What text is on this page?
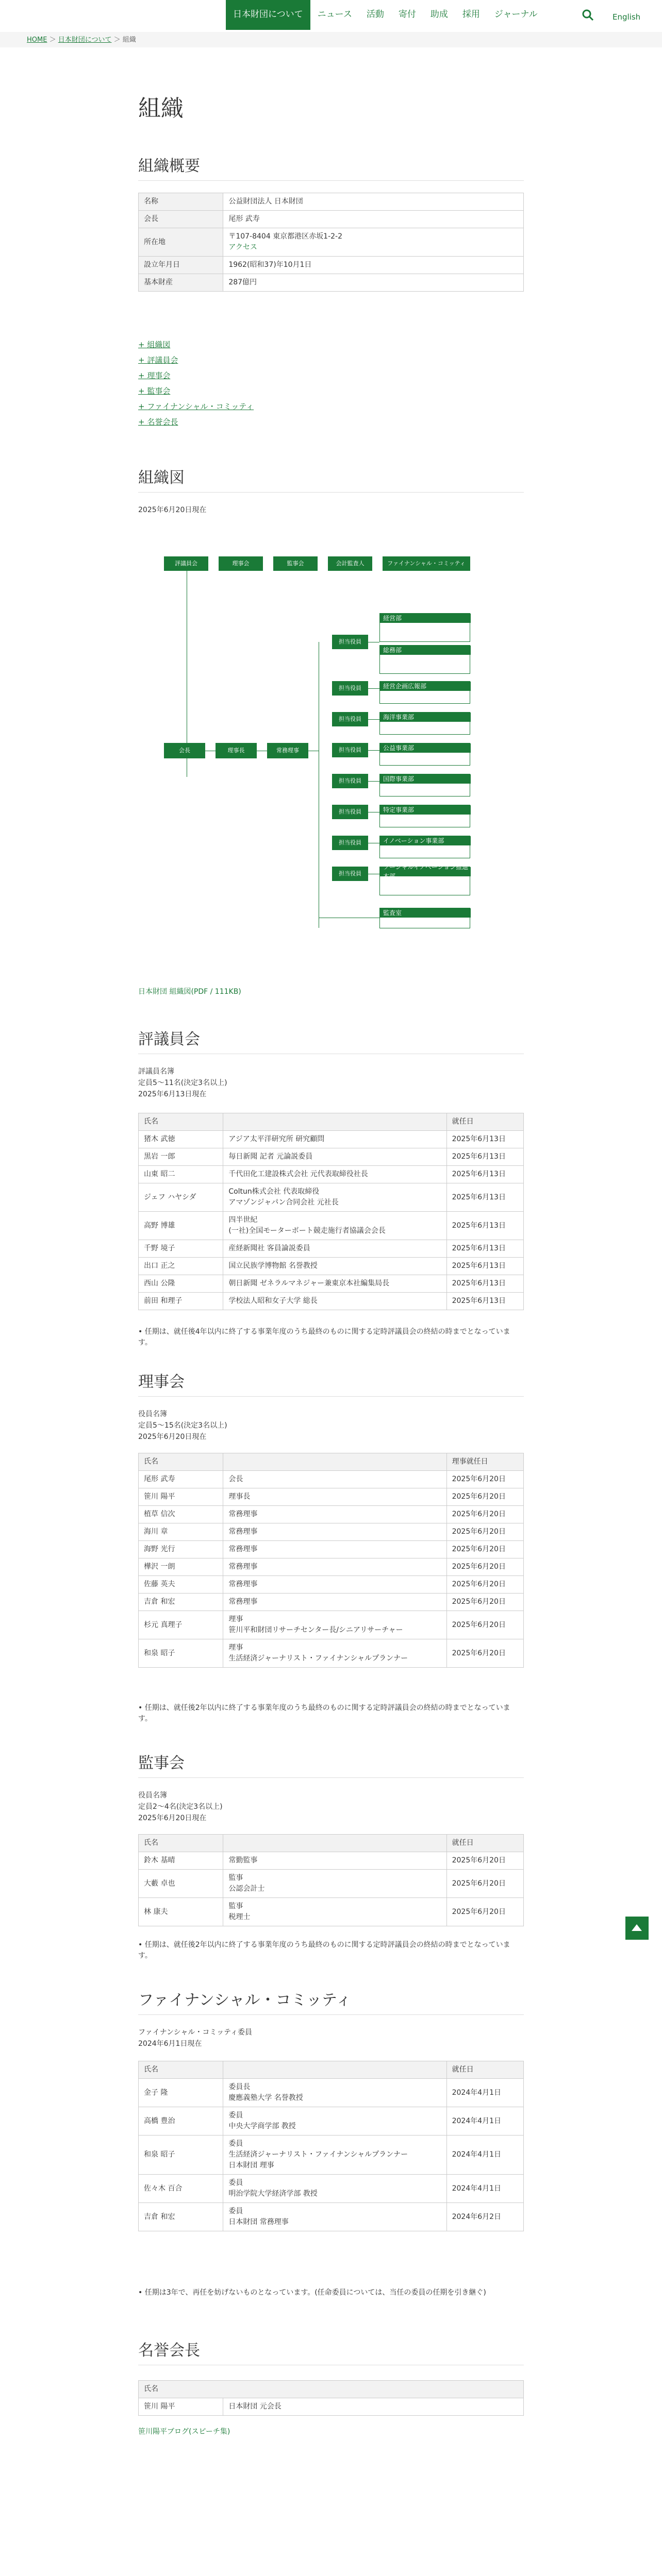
日本財団について	ニュース	活動	寄付	助成	採用	ジャーナル	English
HOME ＞ 日本財団について ＞ 組織
組織
組織概要
名称	公益財団法人 日本財団
会長	尾形 武寿
所在地	〒107-8404 東京都港区赤坂1-2-2
アクセス

設立年月日	1962(昭和37)年10月1日
基本財産	287億円
+ 組織図
+ 評議員会
+ 理事会
+ 監事会
+ ファイナンシャル・コミッティ
+ 名誉会長
組織図
2025年6月20日現在
評議員会	理事会	監事会	会計監査人	ファイナンシャル・コミッティ
会長	理事長	常務理事
担当役員
担当役員
担当役員
担当役員
担当役員
担当役員
担当役員
担当役員
経営部
総務部
経営企画広報部
海洋事業部
公益事業部
国際事業部
特定事業部
イノベーション事業部
ソーシャルイノベーション推進本部
監査室
日本財団 組織図(PDF / 111KB)
評議員会
評議員名簿
定員5〜11名(決定3名以上)
2025年6月13日現在
氏名		就任日
猪木 武徳	アジア太平洋研究所 研究顧問	2025年6月13日
黒岩 一郎	毎日新聞 記者 元論説委員	2025年6月13日
山東 昭二	千代田化工建設株式会社 元代表取締役社長	2025年6月13日
ジェフ ハヤシダ	Coltun株式会社 代表取締役
アマゾンジャパン合同会社 元社長	2025年6月13日
高野 博雄	四半世紀
(一社)全国モーターボート競走施行者協議会会長	2025年6月13日
千野 境子	産経新聞社 客員論説委員	2025年6月13日
出口 正之	国立民族学博物館 名誉教授	2025年6月13日
西山 公隆	朝日新聞 ゼネラルマネジャー兼東京本社編集局長	2025年6月13日
前田 和理子	学校法人昭和女子大学 総長	2025年6月13日
• 任期は、就任後4年以内に終了する事業年度のうち最終のものに関する定時評議員会の終結の時までとなっています。
理事会
役員名簿
定員5〜15名(決定3名以上)
2025年6月20日現在
氏名		理事就任日
尾形 武寿	会長	2025年6月20日
笹川 陽平	理事長	2025年6月20日
植草 信次	常務理事	2025年6月20日
海川 章	常務理事	2025年6月20日
海野 光行	常務理事	2025年6月20日
樺沢 一朗	常務理事	2025年6月20日
佐藤 英夫	常務理事	2025年6月20日
吉倉 和宏	常務理事	2025年6月20日
杉元 真理子	理事
笹川平和財団リサーチセンター長/シニアリサーチャー	2025年6月20日
和泉 昭子	理事
生活経済ジャーナリスト・ファイナンシャルプランナー	2025年6月20日
• 任期は、就任後2年以内に終了する事業年度のうち最終のものに関する定時評議員会の終結の時までとなっています。
監事会
役員名簿
定員2〜4名(決定3名以上)
2025年6月20日現在
氏名		就任日
鈴木 基晴	常勤監事	2025年6月20日
大藪 卓也	監事
公認会計士	2025年6月20日
林 康夫	監事
税理士	2025年6月20日
• 任期は、就任後2年以内に終了する事業年度のうち最終のものに関する定時評議員会の終結の時までとなっています。
ファイナンシャル・コミッティ
ファイナンシャル・コミッティ委員
2024年6月1日現在
氏名		就任日
金子 隆	委員長
慶應義塾大学 名誉教授	2024年4月1日
高橋 豊治	委員
中央大学商学部 教授	2024年4月1日
和泉 昭子	委員
生活経済ジャーナリスト・ファイナンシャルプランナー
日本財団 理事	2024年4月1日
佐々木 百合	委員
明治学院大学経済学部 教授	2024年4月1日
吉倉 和宏	委員
日本財団 常務理事	2024年6月2日
• 任期は3年で、再任を妨げないものとなっています。(任命委員については、当任の委員の任期を引き継ぐ)
名誉会長
氏名
笹川 陽平	日本財団 元会長
笹川陽平ブログ(スピーチ集)
